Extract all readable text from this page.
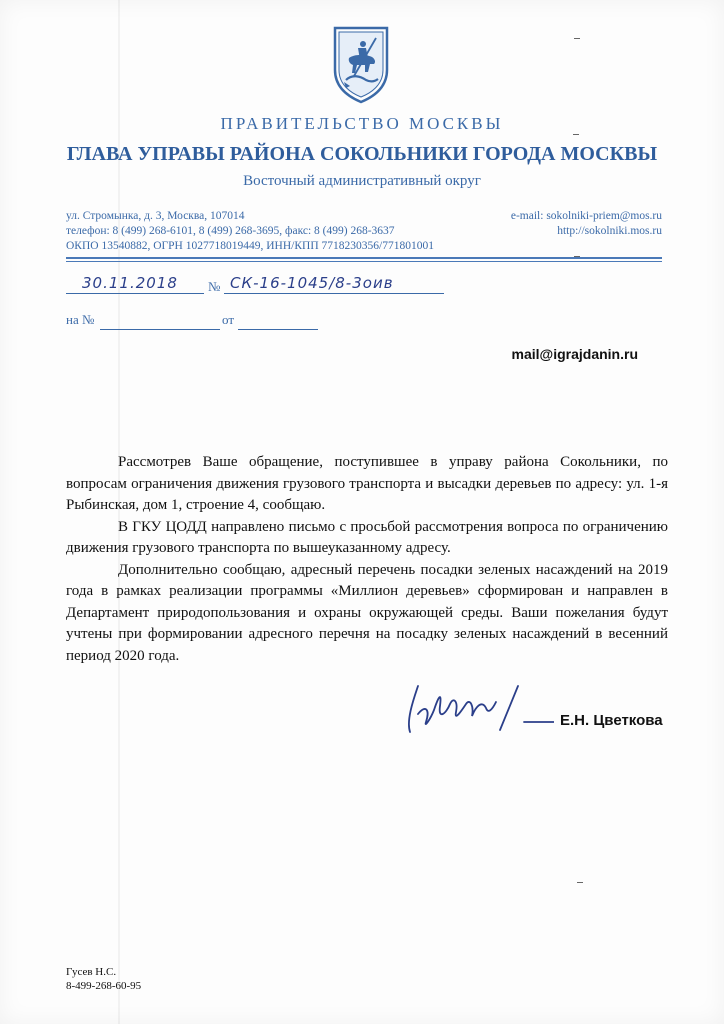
ПРАВИТЕЛЬСТВО МОСКВЫ
ГЛАВА УПРАВЫ РАЙОНА СОКОЛЬНИКИ ГОРОДА МОСКВЫ
Восточный административный округ
ул. Стромынка, д. 3, Москва, 107014	e-mail: sokolniki-priem@mos.ru
телефон: 8 (499) 268-6101, 8 (499) 268-3695, факс: 8 (499) 268-3637	http://sokolniki.mos.ru
ОКПО 13540882, ОГРН 1027718019449, ИНН/КПП 7718230356/771801001
30.11.2018 № СК-16-1045/8-3оив
на №	от
mail@igrajdanin.ru

Рассмотрев Ваше обращение, поступившее в управу района Сокольники, по вопросам ограничения движения грузового транспорта и высадки деревьев по адресу: ул. 1-я Рыбинская, дом 1, строение 4, сообщаю.

В ГКУ ЦОДД направлено письмо с просьбой рассмотрения вопроса по ограничению движения грузового транспорта по вышеуказанному адресу.

Дополнительно сообщаю, адресный перечень посадки зеленых насаждений на 2019 года в рамках реализации программы «Миллион деревьев» сформирован и направлен в Департамент природопользования и охраны окружающей среды. Ваши пожелания будут учтены при формировании адресного перечня на посадку зеленых насаждений в весенний период 2020 года.

Е.Н. Цветкова
Гусев Н.С.
8-499-268-60-95
